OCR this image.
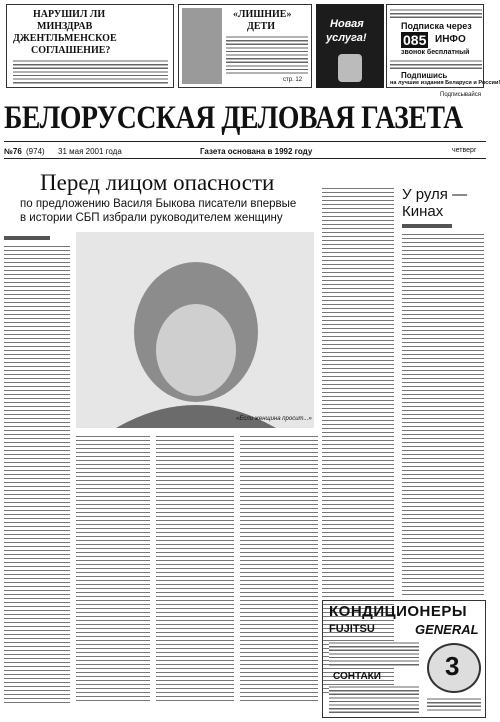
НАРУШИЛ ЛИ
МИНЗДРАВ
ДЖЕНТЛЬМЕНСКОЕ
СОГЛАШЕНИЕ?
«ЛИШНИЕ»
ДЕТИ
стр. 12
Новая
услуга!
Подписка через
085 ИНФО
звонок бесплатный
Подпишись
на лучшие издания Беларуси и России!
Подписывайся
БЕЛОРУССКАЯ ДЕЛОВАЯ ГАЗЕТА
№76 (974) 31 мая 2001 года	Газета основана в 1992 году	четверг
Перед лицом опасности
по предложению Василя Быкова писатели впервые
в истории СБП избрали руководителем женщину
«Если женщина просит...»
У руля —
Кинах
КОНДИЦИОНЕРЫ
FUJITSU	GENERAL
СОНТАКИ 3
